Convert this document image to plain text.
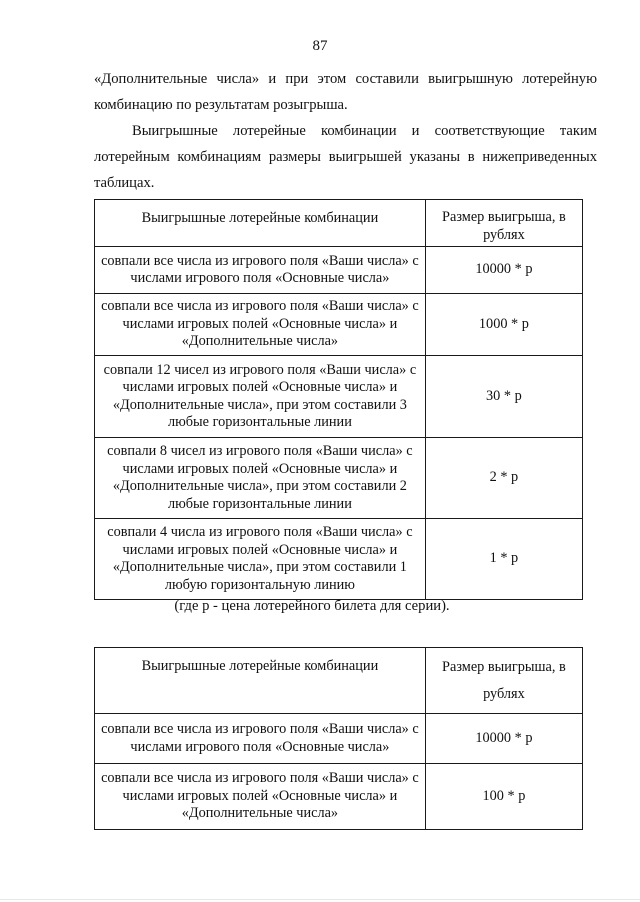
87

«Дополнительные числа» и при этом составили выигрышную лотерейную комбинацию по результатам розыгрыша.

Выигрышные лотерейные комбинации и соответствующие таким лотерейным комбинациям размеры выигрышей указаны в нижеприведенных таблицах.

Выигрышные лотерейные комбинации	Размер выигрыша, в рублях
совпали все числа из игрового поля «Ваши числа» с числами игрового поля «Основные числа»	10000 * р
совпали все числа из игрового поля «Ваши числа» с числами игровых полей «Основные числа» и «Дополнительные числа»	1000 * р
совпали 12 чисел из игрового поля «Ваши числа» с числами игровых полей «Основные числа» и «Дополнительные числа», при этом составили 3 любые горизонтальные линии	30 * р
совпали 8 чисел из игрового поля «Ваши числа» с числами игровых полей «Основные числа» и «Дополнительные числа», при этом составили 2 любые горизонтальные линии	2 * р
совпали 4 числа из игрового поля «Ваши числа» с числами игровых полей «Основные числа» и «Дополнительные числа», при этом составили 1 любую горизонтальную линию	1 * р
(где р - цена лотерейного билета для серии).
Выигрышные лотерейные комбинации	Размер выигрыша, в рублях
совпали все числа из игрового поля «Ваши числа» с числами игрового поля «Основные числа»	10000 * р
совпали все числа из игрового поля «Ваши числа» с числами игровых полей «Основные числа» и «Дополнительные числа»	100 * р
